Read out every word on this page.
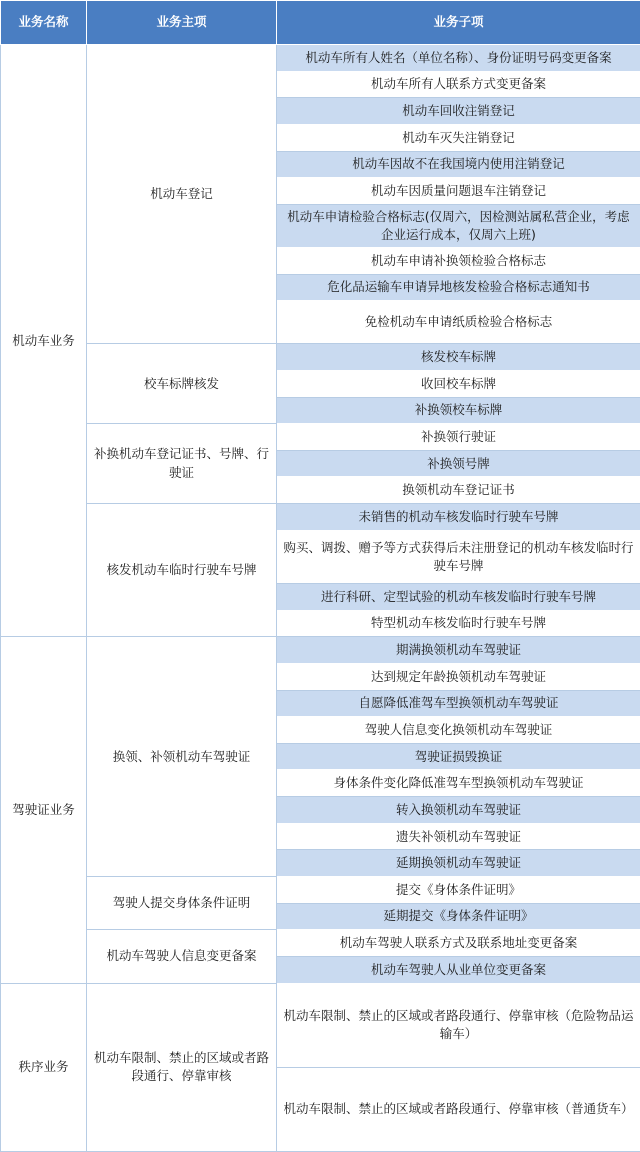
业务名称	业务主项	业务子项
机动车业务	机动车登记	机动车所有人姓名（单位名称）、身份证明号码变更备案
		机动车所有人联系方式变更备案
		机动车回收注销登记
		机动车灭失注销登记
		机动车因故不在我国境内使用注销登记
		机动车因质量问题退车注销登记
		机动车申请检验合格标志(仅周六，因检测站属私营企业，考虑企业运行成本，仅周六上班)
		机动车申请补换领检验合格标志
		危化品运输车申请异地核发检验合格标志通知书
		免检机动车申请纸质检验合格标志
	校车标牌核发	核发校车标牌
		收回校车标牌
		补换领校车标牌
	补换机动车登记证书、号牌、行驶证	补换领行驶证
		补换领号牌
		换领机动车登记证书
	核发机动车临时行驶车号牌	未销售的机动车核发临时行驶车号牌
		购买、调拨、赠予等方式获得后未注册登记的机动车核发临时行驶车号牌
		进行科研、定型试验的机动车核发临时行驶车号牌
		特型机动车核发临时行驶车号牌
驾驶证业务	换领、补领机动车驾驶证	期满换领机动车驾驶证
		达到规定年龄换领机动车驾驶证
		自愿降低准驾车型换领机动车驾驶证
		驾驶人信息变化换领机动车驾驶证
		驾驶证损毁换证
		身体条件变化降低准驾车型换领机动车驾驶证
		转入换领机动车驾驶证
		遗失补领机动车驾驶证
		延期换领机动车驾驶证
	驾驶人提交身体条件证明	提交《身体条件证明》
		延期提交《身体条件证明》
	机动车驾驶人信息变更备案	机动车驾驶人联系方式及联系地址变更备案
		机动车驾驶人从业单位变更备案
秩序业务	机动车限制、禁止的区域或者路段通行、停靠审核	机动车限制、禁止的区域或者路段通行、停靠审核（危险物品运输车）
		机动车限制、禁止的区域或者路段通行、停靠审核（普通货车）
